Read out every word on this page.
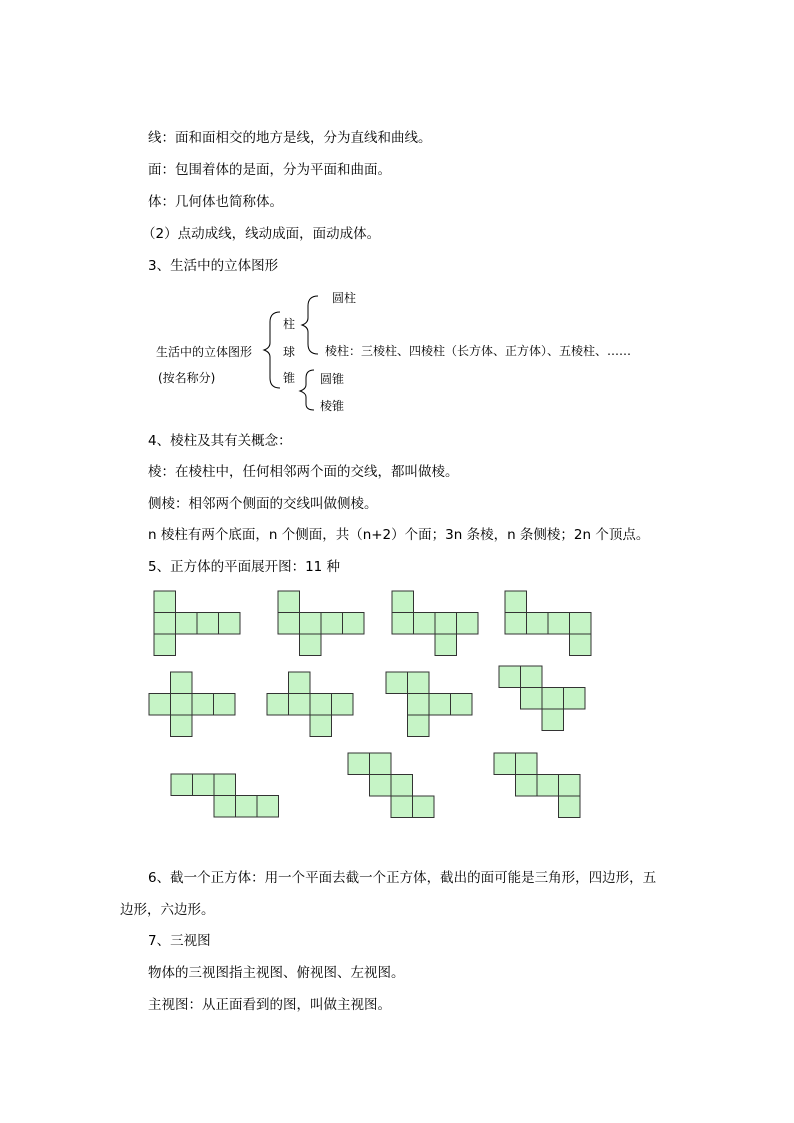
线：面和面相交的地方是线，分为直线和曲线。
面：包围着体的是面，分为平面和曲面。
体：几何体也简称体。
（2）点动成线，线动成面，面动成体。
3、生活中的立体图形
生活中的立体图形
(按名称分)
柱
球
锥
圆柱
棱柱：三棱柱、四棱柱（长方体、正方体）、五棱柱、……
圆锥
棱锥
4、棱柱及其有关概念：
棱：在棱柱中，任何相邻两个面的交线，都叫做棱。
侧棱：相邻两个侧面的交线叫做侧棱。
n 棱柱有两个底面，n 个侧面，共（n+2）个面；3n 条棱，n 条侧棱；2n 个顶点。
5、正方体的平面展开图：11 种
6、截一个正方体：用一个平面去截一个正方体，截出的面可能是三角形，四边形，五
边形，六边形。
7、三视图
物体的三视图指主视图、俯视图、左视图。
主视图：从正面看到的图，叫做主视图。
